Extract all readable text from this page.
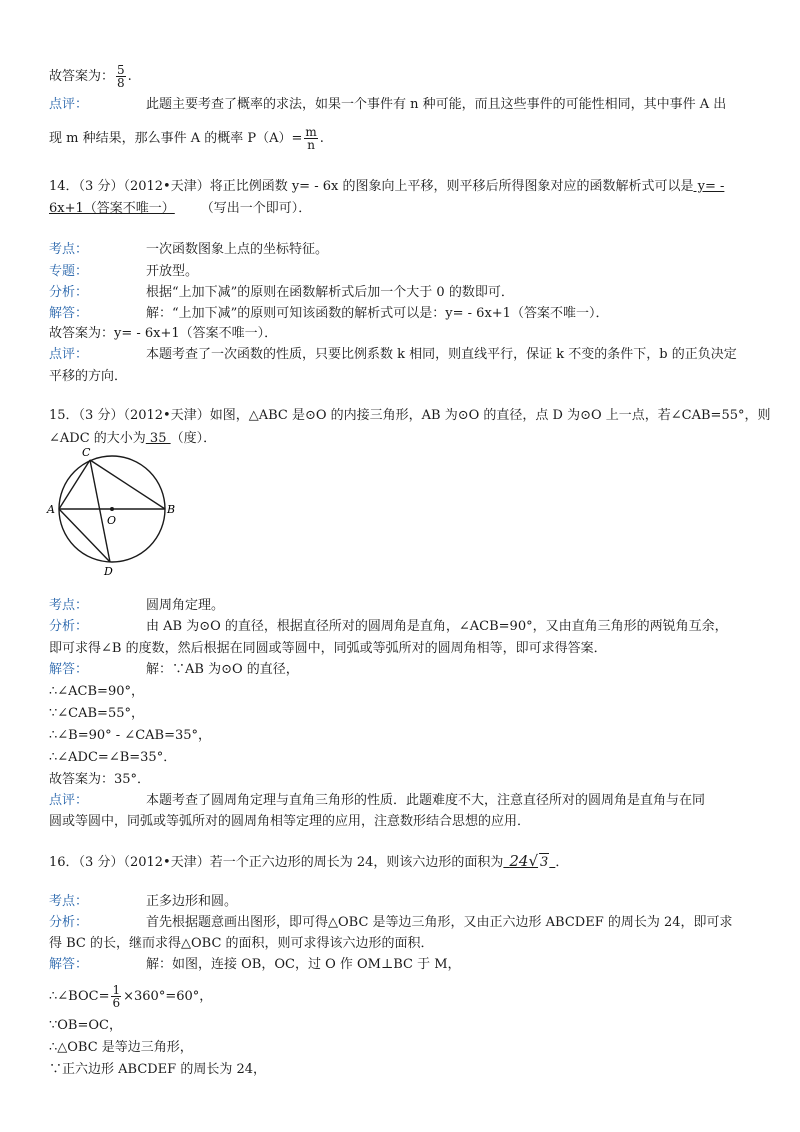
故答案为： $\frac{5}{8}$ .
点评：	此题主要考查了概率的求法，如果一个事件有 n 种可能，而且这些事件的可能性相同，其中事件 A 出
现 m 种结果，那么事件 A 的概率 $P(A)= \frac{m}{n}$ .
14．（3 分）（2012•天津）将正比例函数 y= - 6x 的图象向上平移，则平移后所得图象对应的函数解析式可以是 y= -
6x+1（答案不唯一）   （写出一个即可）．
考点：	一次函数图象上点的坐标特征。
专题：	开放型。
分析：	根据“上加下减”的原则在函数解析式后加一个大于 0 的数即可．
解答：	解：“上加下减”的原则可知该函数的解析式可以是：y= - 6x+1（答案不唯一）．
故答案为：y= - 6x+1（答案不唯一）．
点评：	本题考查了一次函数的性质，只要比例系数 k 相同，则直线平行，保证 k 不变的条件下，b 的正负决定
平移的方向．
15．（3 分）（2012•天津）如图，△ABC 是⊙O 的内接三角形，AB 为⊙O 的直径，点 D 为⊙O 上一点，若∠CAB=55°，则
∠ADC 的大小为 35 （度）．
A	B
C
D
O
考点：	圆周角定理。
分析：	由 AB 为⊙O 的直径，根据直径所对的圆周角是直角，∠ACB=90°，又由直角三角形的两锐角互余，
即可求得∠B 的度数，然后根据在同圆或等圆中，同弧或等弧所对的圆周角相等，即可求得答案．
解答：	解：∵AB 为⊙O 的直径，
∴∠ACB=90°，
∵∠CAB=55°，
∴∠B=90° - ∠CAB=35°，
∴∠ADC=∠B=35°．
故答案为：35°．
点评：	本题考查了圆周角定理与直角三角形的性质．此题难度不大，注意直径所对的圆周角是直角与在同
圆或等圆中，同弧或等弧所对的圆周角相等定理的应用，注意数形结合思想的应用．
16．（3 分）（2012•天津）若一个正六边形的周长为 24，则该六边形的面积为   24√ 3   ．
考点：	正多边形和圆。
分析：	首先根据题意画出图形，即可得△OBC 是等边三角形，又由正六边形 ABCDEF 的周长为 24，即可求
得 BC 的长，继而求得△OBC 的面积，则可求得该六边形的面积．
解答：	解：如图，连接 OB，OC，过 O 作 OM⊥BC 于 M，
∴∠BOC= $\frac{1}{6} \times 360^\circ=60^\circ$，
∵OB=OC，
∴△OBC 是等边三角形，
∵正六边形 ABCDEF 的周长为 24，
